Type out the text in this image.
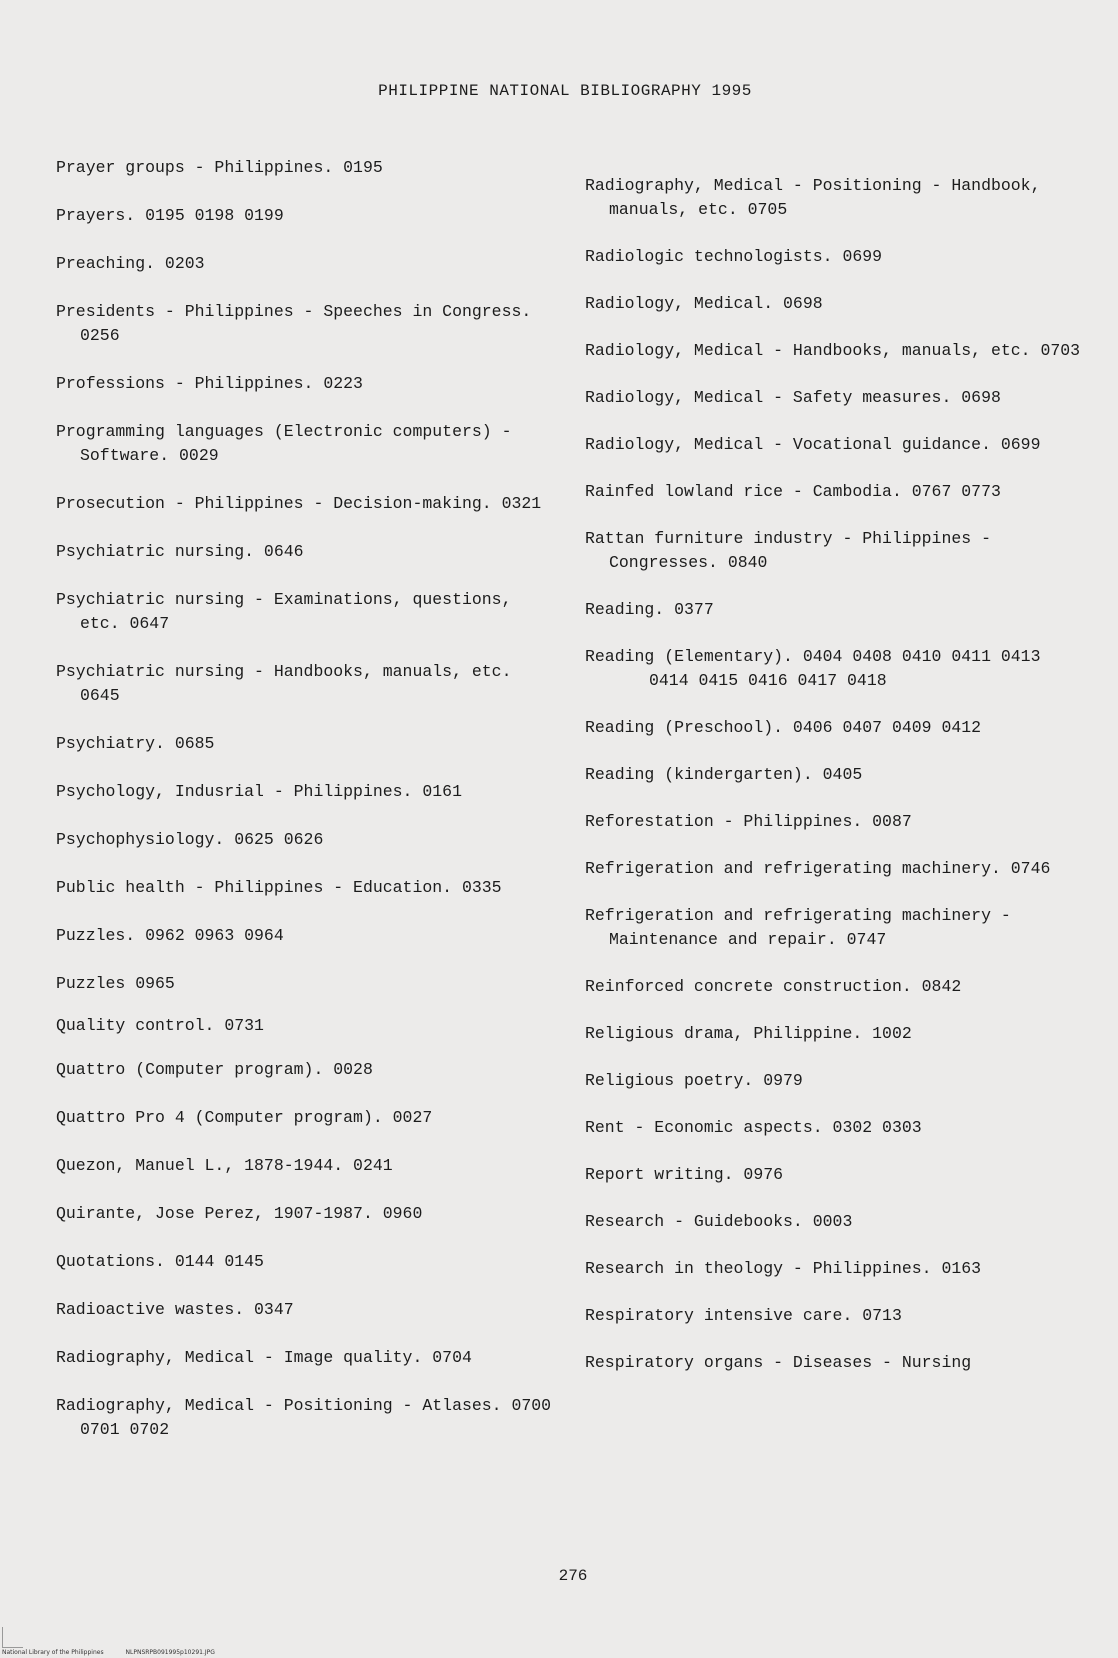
PHILIPPINE NATIONAL BIBLIOGRAPHY 1995
Prayer groups - Philippines. 0195
Prayers. 0195 0198 0199
Preaching. 0203
Presidents - Philippines - Speeches in Congress. 0256
Professions - Philippines. 0223
Programming languages (Electronic computers) - Software. 0029
Prosecution - Philippines - Decision-making. 0321
Psychiatric nursing. 0646
Psychiatric nursing - Examinations, questions, etc. 0647
Psychiatric nursing - Handbooks, manuals, etc. 0645
Psychiatry. 0685
Psychology, Indusrial - Philippines. 0161
Psychophysiology. 0625 0626
Public health - Philippines - Education. 0335
Puzzles. 0962 0963 0964
Puzzles 0965
Quality control. 0731
Quattro (Computer program). 0028
Quattro Pro 4 (Computer program). 0027
Quezon, Manuel L., 1878-1944. 0241
Quirante, Jose Perez, 1907-1987. 0960
Quotations. 0144 0145
Radioactive wastes. 0347
Radiography, Medical - Image quality. 0704
Radiography, Medical - Positioning - Atlases. 0700 0701 0702
Radiography, Medical - Positioning - Handbook, manuals, etc. 0705
Radiologic technologists. 0699
Radiology, Medical. 0698
Radiology, Medical - Handbooks, manuals, etc. 0703
Radiology, Medical - Safety measures. 0698
Radiology, Medical - Vocational guidance. 0699
Rainfed lowland rice - Cambodia. 0767 0773
Rattan furniture industry - Philippines - Congresses. 0840
Reading. 0377
Reading (Elementary). 0404 0408 0410 0411 0413 0414 0415 0416 0417 0418
Reading (Preschool). 0406 0407 0409 0412
Reading (kindergarten). 0405
Reforestation - Philippines. 0087
Refrigeration and refrigerating machinery. 0746
Refrigeration and refrigerating machinery - Maintenance and repair. 0747
Reinforced concrete construction. 0842
Religious drama, Philippine. 1002
Religious poetry. 0979
Rent - Economic aspects. 0302 0303
Report writing. 0976
Research - Guidebooks. 0003
Research in theology - Philippines. 0163
Respiratory intensive care. 0713
Respiratory organs - Diseases - Nursing
276
National Library of the Philippines	NLPNSRPB091995p10291.JPG
